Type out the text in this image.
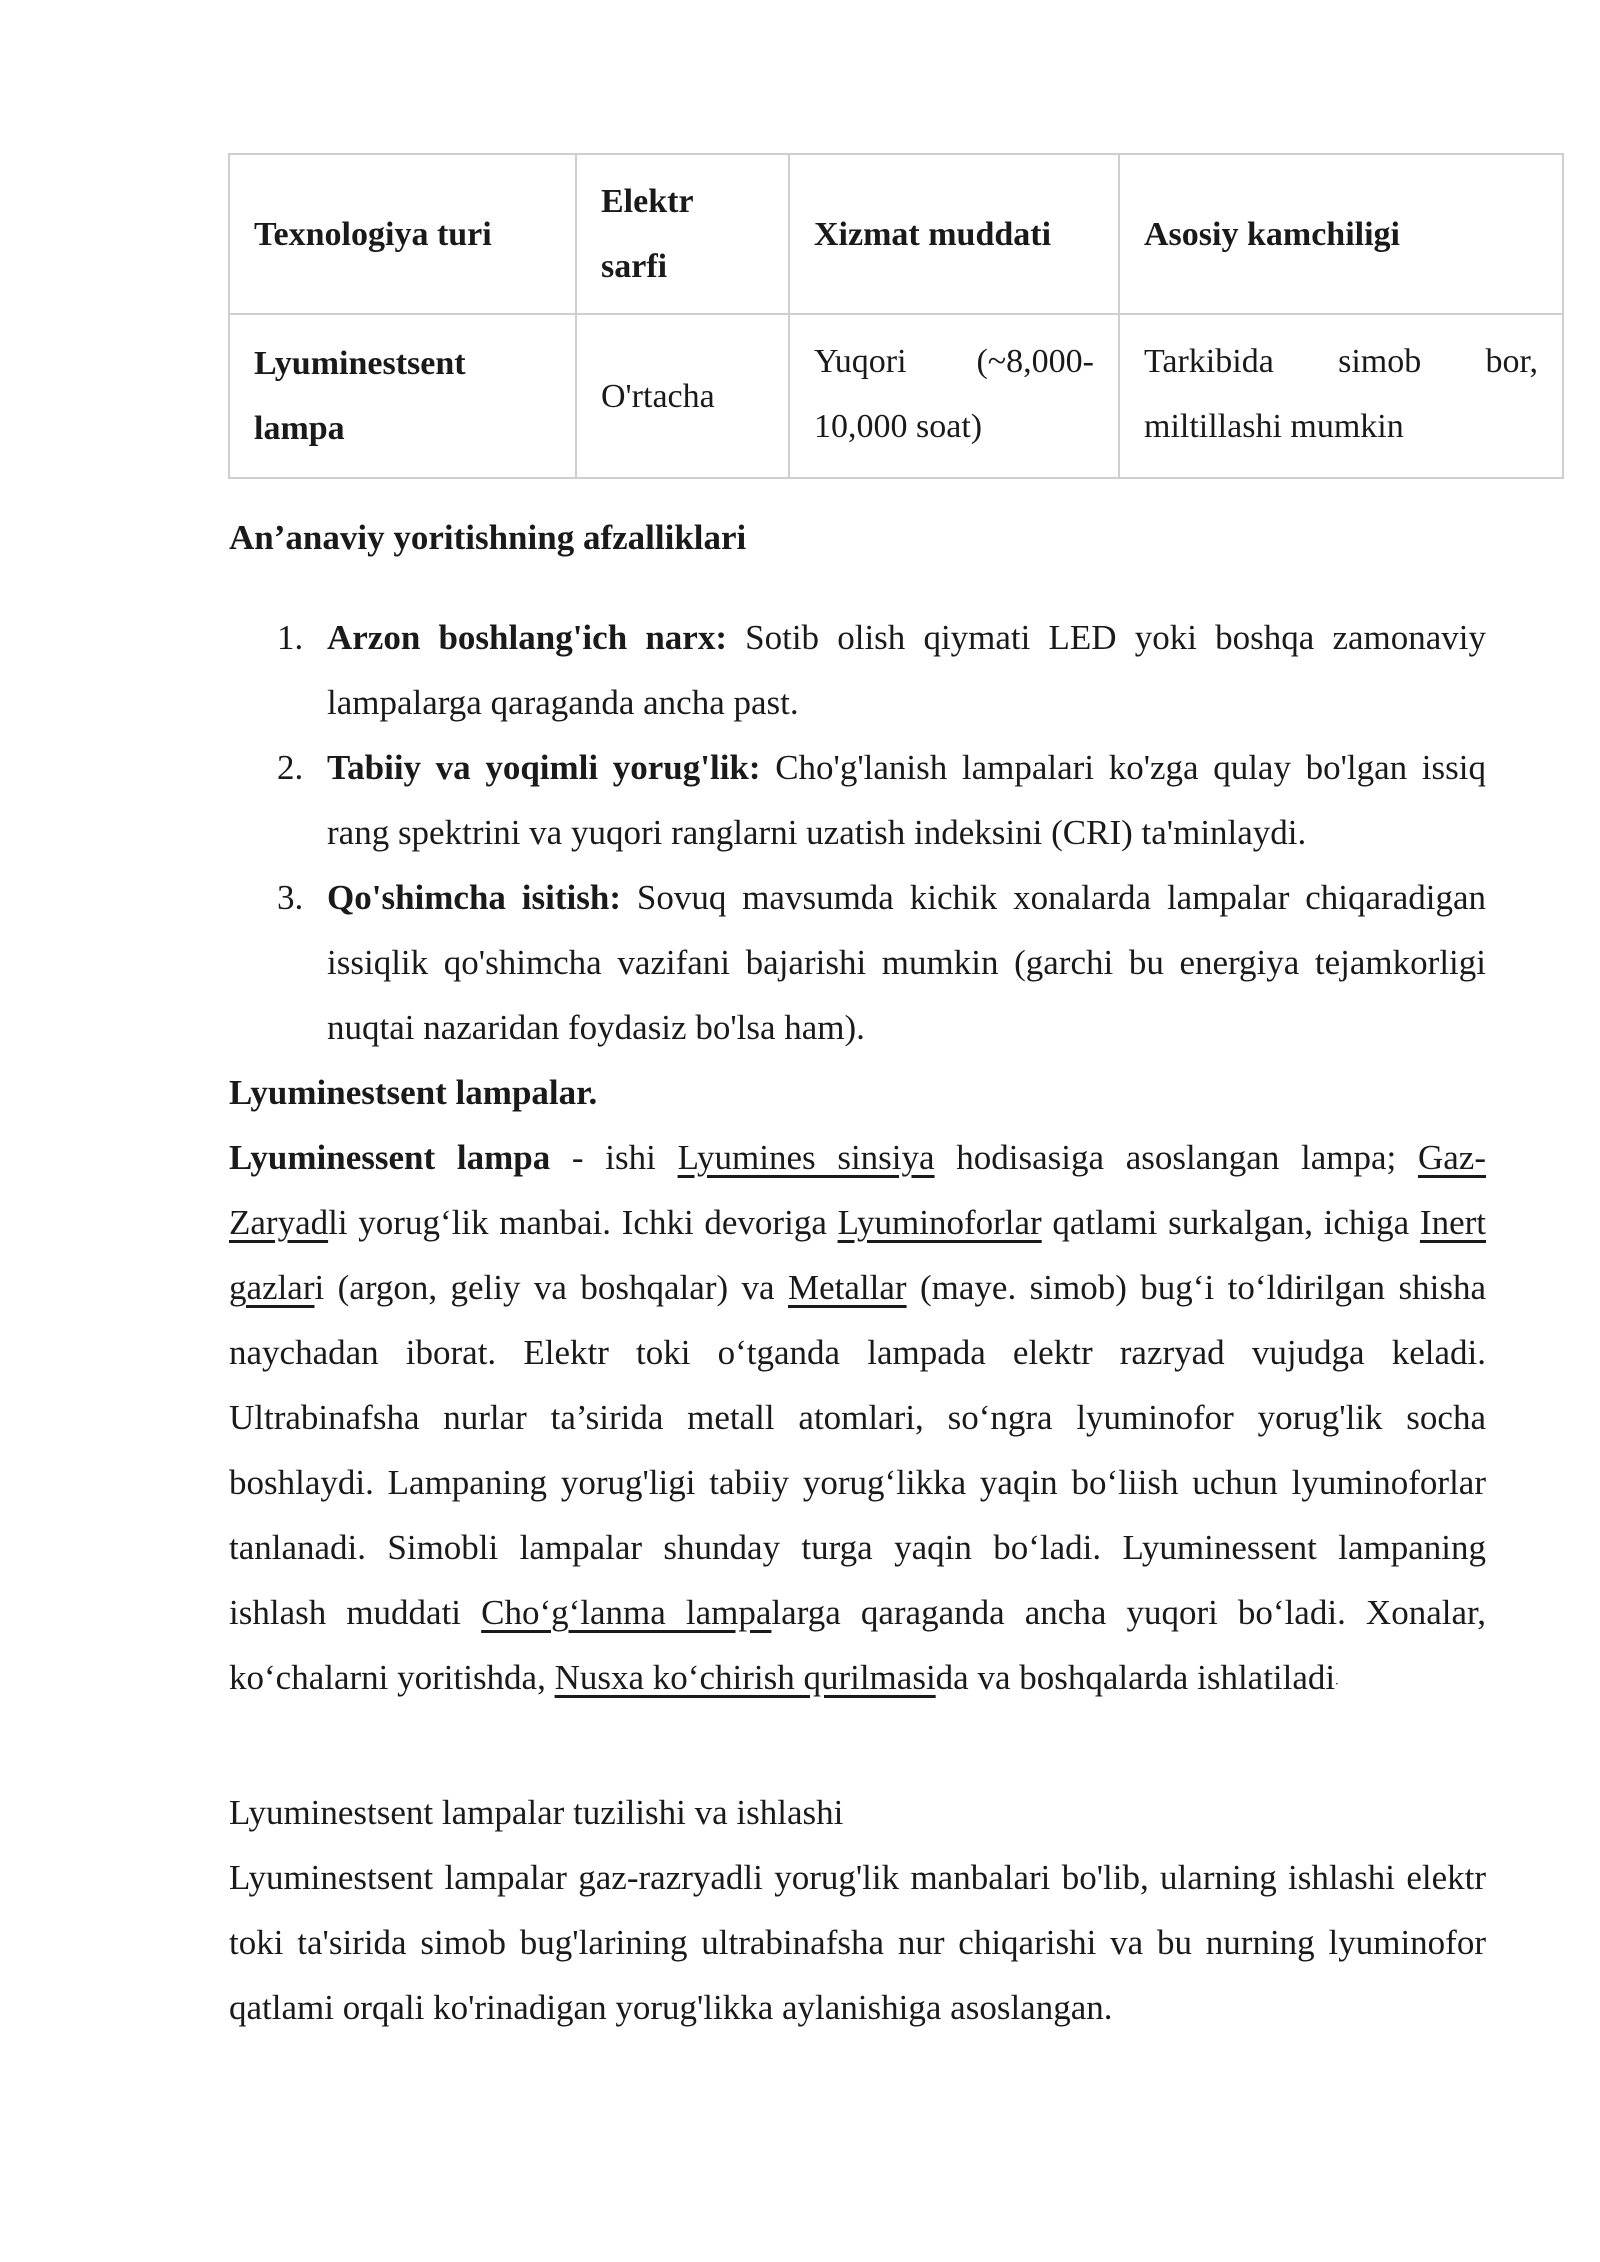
Texnologiya turi	Elektr sarfi	Xizmat muddati	Asosiy kamchiligi
Lyuminestsent lampa	O'rtacha	Yuqori (~8,000-10,000 soat)	Tarkibida simob bor, miltillashi mumkin
An’anaviy yoritishning afzalliklari
1. Arzon boshlang'ich narx: Sotib olish qiymati LED yoki boshqa zamonaviy lampalarga qaraganda ancha past.
2. Tabiiy va yoqimli yorug'lik: Cho'g'lanish lampalari ko'zga qulay bo'lgan issiq rang spektrini va yuqori ranglarni uzatish indeksini (CRI) ta'minlaydi.
3. Qo'shimcha isitish: Sovuq mavsumda kichik xonalarda lampalar chiqaradigan issiqlik qo'shimcha vazifani bajarishi mumkin (garchi bu energiya tejamkorligi nuqtai nazaridan foydasiz bo'lsa ham).
Lyuminestsent lampalar.
Lyuminessent lampa - ishi Lyumines sinsiya hodisasiga asoslangan lampa; Gaz-Zaryadli yorug‘lik manbai. Ichki devoriga Lyuminoforlar qatlami surkalgan, ichiga Inert gazlari (argon, geliy va boshqalar) va Metallar (maye. simob) bug‘i to‘ldirilgan shisha naychadan iborat. Elektr toki o‘tganda lampada elektr razryad vujudga keladi. Ultrabinafsha nurlar ta’sirida metall atomlari, so‘ngra lyuminofor yorug'lik socha boshlaydi. Lampaning yorug'ligi tabiiy yorug‘likka yaqin bo‘liish uchun lyuminoforlar tanlanadi. Simobli lampalar shunday turga yaqin bo‘ladi. Lyuminessent lampaning ishlash muddati Cho‘g‘lanma lampalarga qaraganda ancha yuqori bo‘ladi. Xonalar, ko‘chalarni yoritishda, Nusxa ko‘chirish qurilmasida va boshqalarda ishlatiladi.
Lyuminestsent lampalar tuzilishi va ishlashi
Lyuminestsent lampalar gaz-razryadli yorug'lik manbalari bo'lib, ularning ishlashi elektr toki ta'sirida simob bug'larining ultrabinafsha nur chiqarishi va bu nurning lyuminofor qatlami orqali ko'rinadigan yorug'likka aylanishiga asoslangan.
